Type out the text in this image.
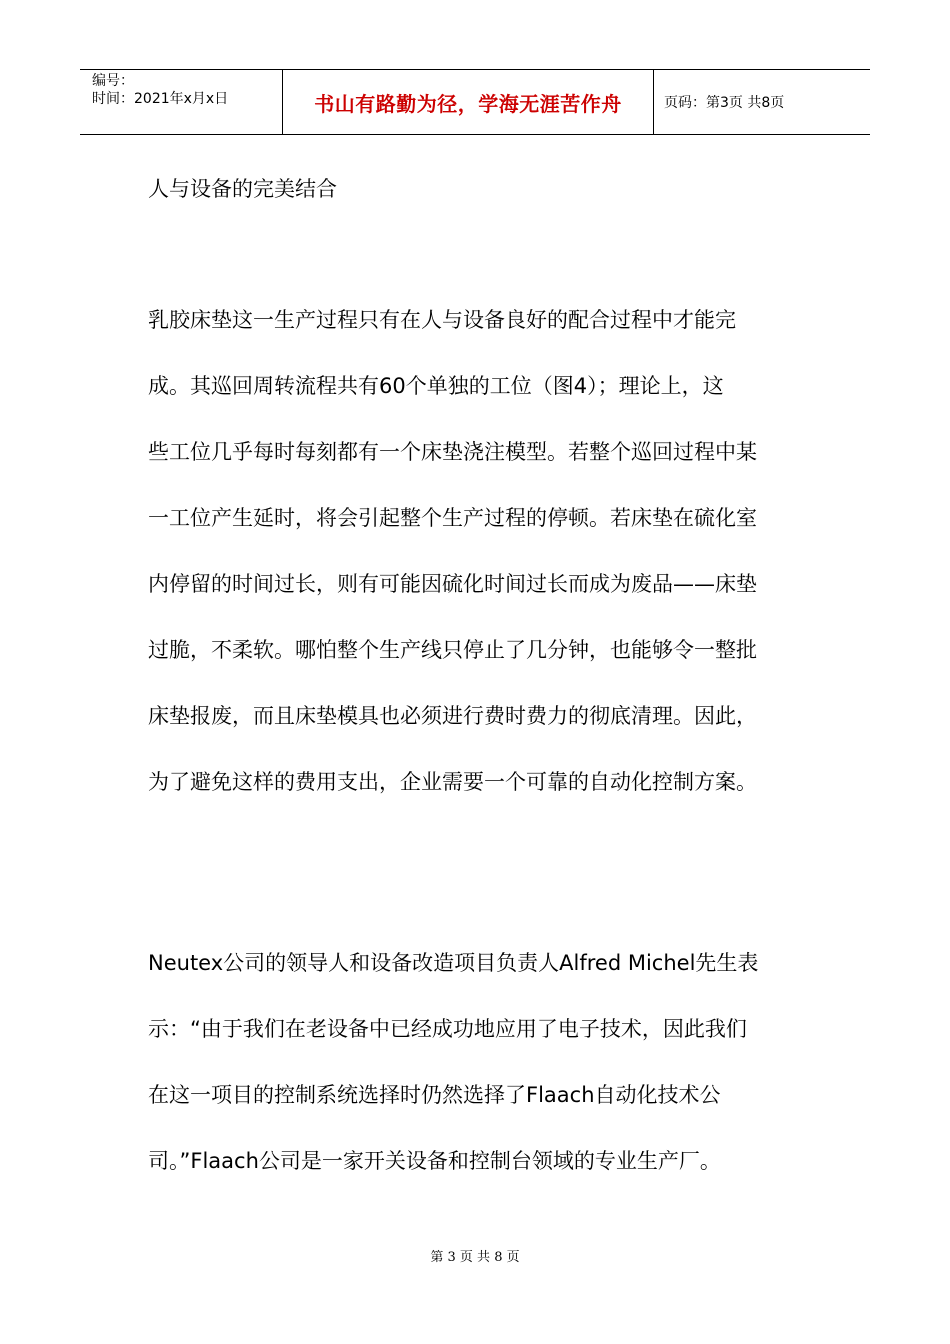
编号：
时间：2021年x月x日	书山有路勤为径，学海无涯苦作舟	页码：第3页 共8页
人与设备的完美结合

乳胶床垫这一生产过程只有在人与设备良好的配合过程中才能完
成。其巡回周转流程共有60个单独的工位（图4）；理论上，这
些工位几乎每时每刻都有一个床垫浇注模型。若整个巡回过程中某
一工位产生延时，将会引起整个生产过程的停顿。若床垫在硫化室
内停留的时间过长，则有可能因硫化时间过长而成为废品——床垫
过脆，不柔软。哪怕整个生产线只停止了几分钟，也能够令一整批
床垫报废，而且床垫模具也必须进行费时费力的彻底清理。因此，
为了避免这样的费用支出，企业需要一个可靠的自动化控制方案。

Neutex公司的领导人和设备改造项目负责人Alfred Michel先生表
示：“由于我们在老设备中已经成功地应用了电子技术，因此我们
在这一项目的控制系统选择时仍然选择了Flaach自动化技术公
司。”Flaach公司是一家开关设备和控制台领域的专业生产厂。

第 3 页 共 8 页
